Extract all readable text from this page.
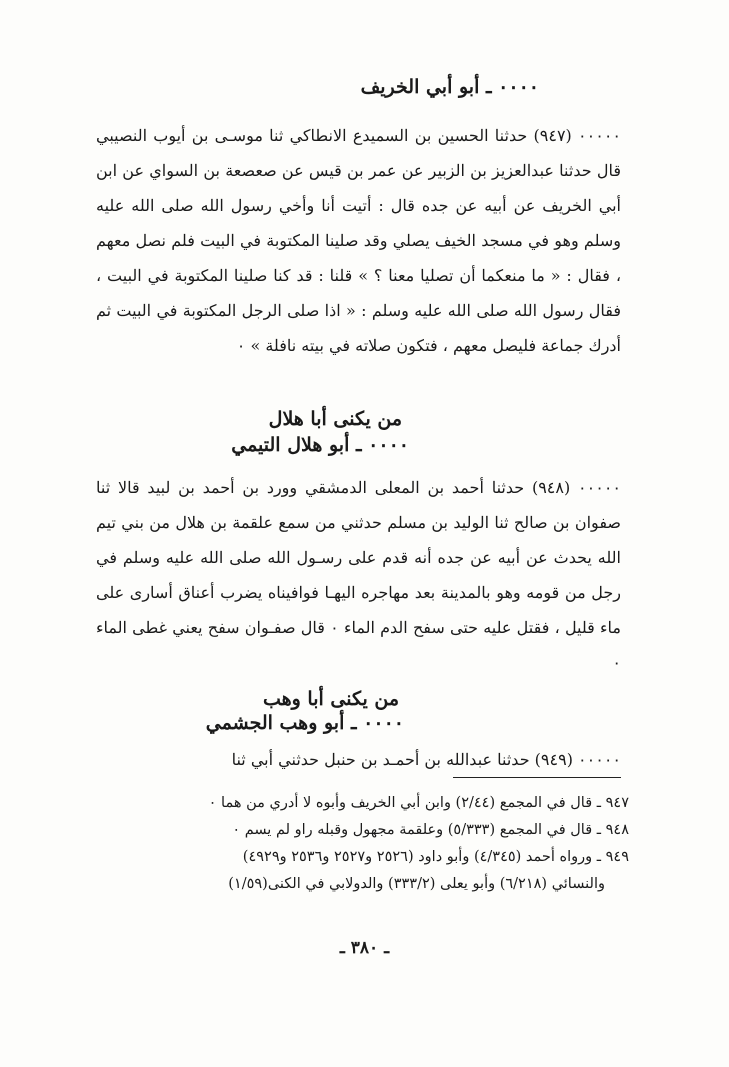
٠٠٠٠ ـ أبو أبي الخريف

٠٠٠٠٠ (٩٤٧) حدثنا الحسين بن السميدع الانطاكي ثنا موسـى بن أيوب النصيبي قال حدثنا عبدالعزيز بن الزبير عن عمر بن قيس عن صعصعة بن السواي عن ابن أبي الخريف عن أبيه عن جده قال : أتيت أنا وأخي رسول الله صلى الله عليه وسلم وهو في مسجد الخيف يصلي وقد صلينا المكتوبة في البيت فلم نصل معهم ، فقال : « ما منعكما أن تصليا معنا ؟ » قلنا : قد كنا صلينا المكتوبة في البيت ، فقال رسول الله صلى الله عليه وسلم : « اذا صلى الرجل المكتوبة في البيت ثم أدرك جماعة فليصل معهم ، فتكون صلاته في بيته نافلة » ٠

من يكنى أبا هلال
٠٠٠٠ ـ أبو هلال التيمي

٠٠٠٠٠ (٩٤٨) حدثنا أحمد بن المعلى الدمشقي وورد بن أحمد بن لبيد قالا ثنا صفوان بن صالح ثنا الوليد بن مسلم حدثني من سمع علقمة بن هلال من بني تيم الله يحدث عن أبيه عن جده أنه قدم على رسـول الله صلى الله عليه وسلم في رجل من قومه وهو بالمدينة بعد مهاجره اليهـا فوافيناه يضرب أعناق أسارى على ماء قليل ، فقتل عليه حتى سفح الدم الماء ٠ قال صفـوان سفح يعني غطى الماء ٠

من يكنى أبا وهب
٠٠٠٠ ـ أبو وهب الجشمي

٠٠٠٠٠ (٩٤٩) حدثنا عبدالله بن أحمـد بن حنبل حدثني أبي ثنا

٩٤٧ ـ قال في المجمع (٢/٤٤) وابن أبي الخريف وأبوه لا أدري من هما ٠
٩٤٨ ـ قال في المجمع (٥/٣٣٣) وعلقمة مجهول وقبله راو لم يسم ٠
٩٤٩ ـ ورواه أحمد (٤/٣٤٥) وأبو داود (٢٥٢٦ و٢٥٢٧ و٢٥٣٦ و٤٩٢٩)
والنسائي (٦/٢١٨) وأبو يعلى (٣٣٣/٢) والدولابي في الكنى(١/٥٩)
ـ ٣٨٠ ـ
